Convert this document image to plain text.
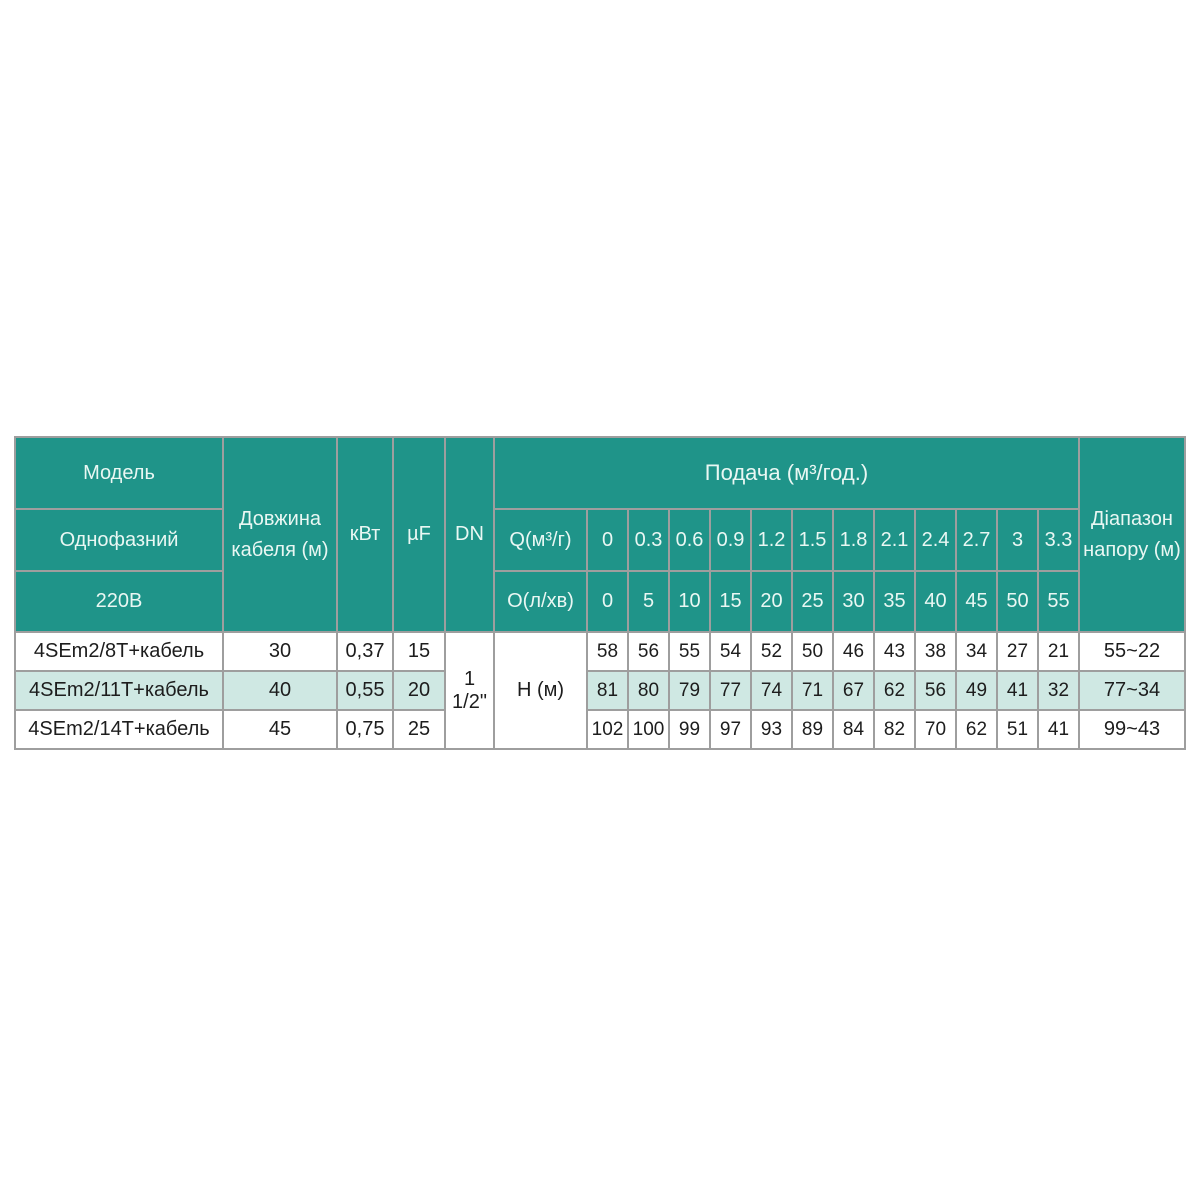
Модель	Довжина кабеля (м)	кВт	µF	DN	Подача (м³/год.)													Діапазон напору (м)
Однофазний					Q(м³/г)	0	0.3	0.6	0.9	1.2	1.5	1.8	2.1	2.4	2.7	3	3.3	
220В					О(л/хв)	0	5	10	15	20	25	30	35	40	45	50	55	
4SEm2/8T+кабель	30	0,37	15	1 1/2"	Н (м)	58	56	55	54	52	50	46	43	38	34	27	21	55~22
4SEm2/11T+кабель	40	0,55	20			81	80	79	77	74	71	67	62	56	49	41	32	77~34
4SEm2/14T+кабель	45	0,75	25			102	100	99	97	93	89	84	82	70	62	51	41	99~43
